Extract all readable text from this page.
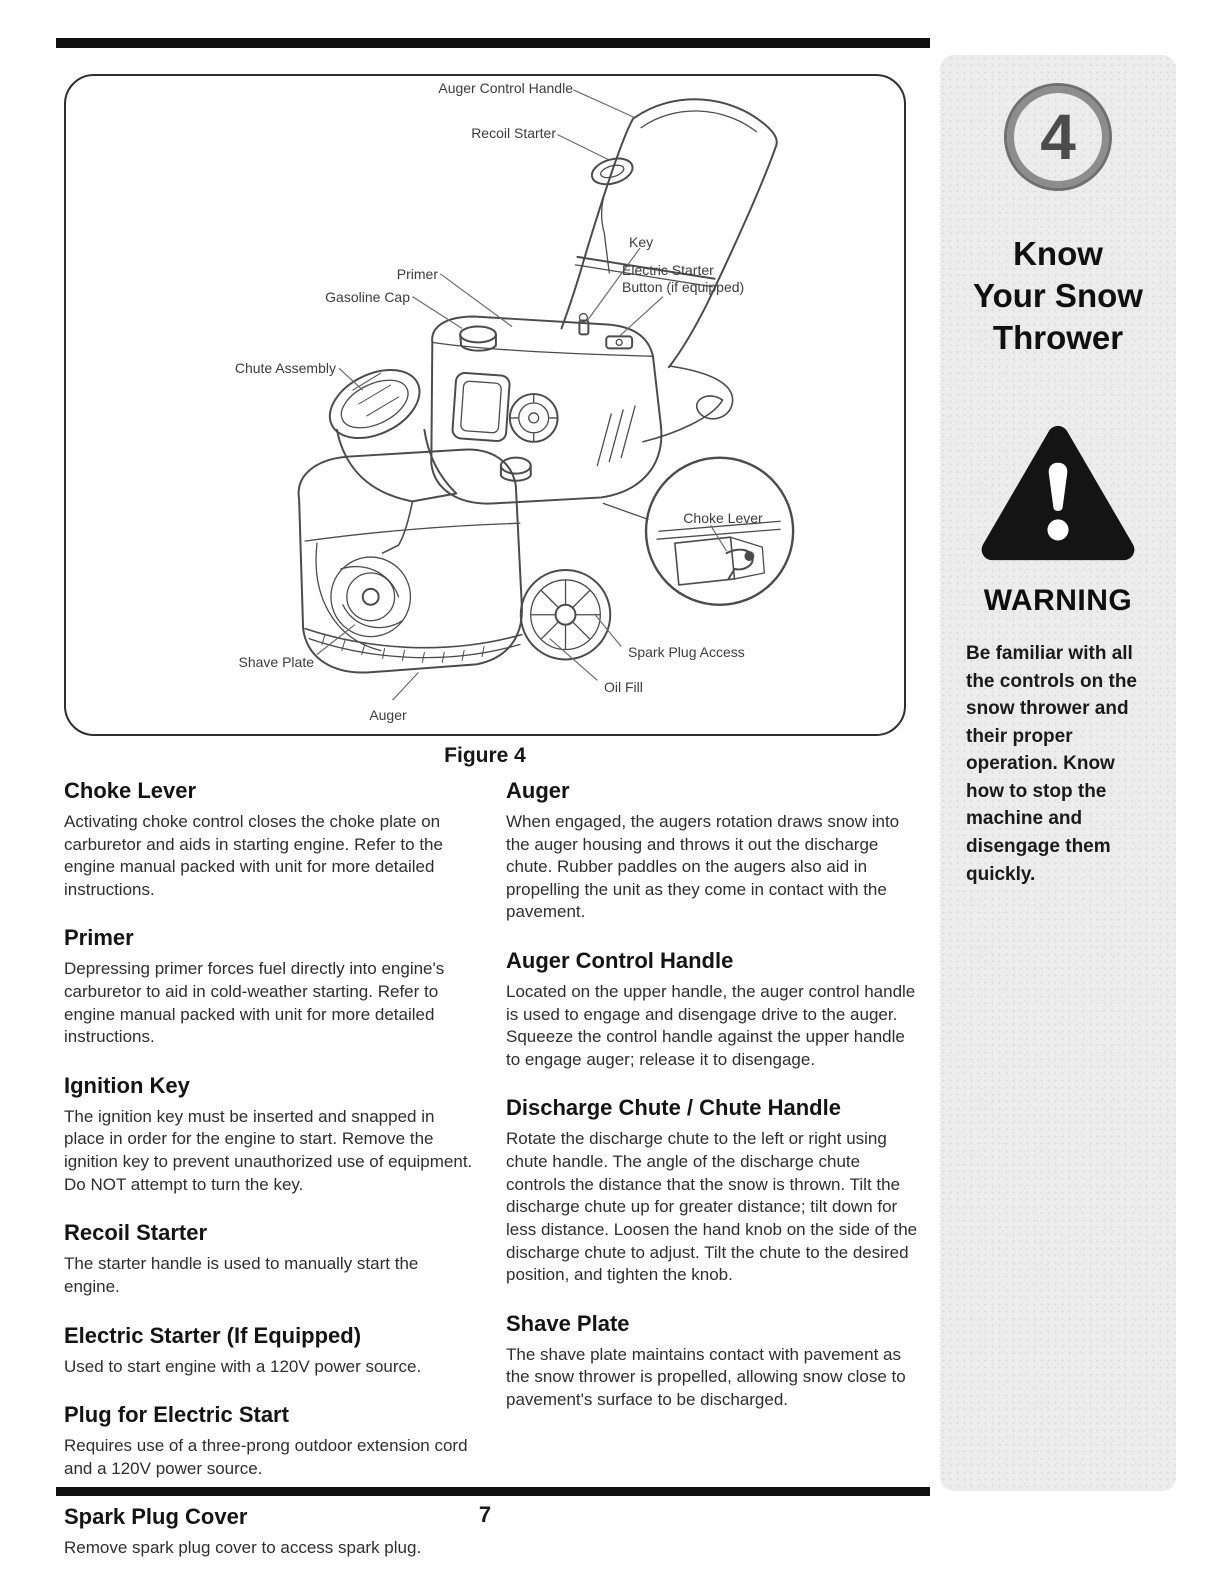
Auger Control Handle
Recoil Starter
Key
Primer
Gasoline Cap
Electric Starter Button (if equipped)
Chute Assembly
Choke Lever
Shave Plate
Spark Plug Access
Oil Fill
Auger
Figure 4
Choke Lever

Activating choke control closes the choke plate on carburetor and aids in starting engine. Refer to the engine manual packed with unit for more detailed instructions.

Primer

Depressing primer forces fuel directly into engine's carburetor to aid in cold-weather starting. Refer to engine manual packed with unit for more detailed instructions.

Ignition Key

The ignition key must be inserted and snapped in place in order for the engine to start. Remove the ignition key to prevent unauthorized use of equipment. Do NOT attempt to turn the key.

Recoil Starter

The starter handle is used to manually start the engine.

Electric Starter (If Equipped)

Used to start engine with a 120V power source.

Plug for Electric Start

Requires use of a three-prong outdoor extension cord and a 120V power source.

Spark Plug Cover

Remove spark plug cover to access spark plug.

Auger

When engaged, the augers rotation draws snow into the auger housing and throws it out the discharge chute. Rubber paddles on the augers also aid in propelling the unit as they come in contact with the pavement.

Auger Control Handle

Located on the upper handle, the auger control handle is used to engage and disengage drive to the auger. Squeeze the control handle against the upper handle to engage auger; release it to disengage.

Discharge Chute / Chute Handle

Rotate the discharge chute to the left or right using chute handle. The angle of the discharge chute controls the distance that the snow is thrown. Tilt the discharge chute up for greater distance; tilt down for less distance. Loosen the hand knob on the side of the discharge chute to adjust. Tilt the chute to the desired position, and tighten the knob.

Shave Plate

The shave plate maintains contact with pavement as the snow thrower is propelled, allowing snow close to pavement's surface to be discharged.

4
Know
Your Snow
Thrower
WARNING

Be familiar with all the controls on the snow thrower and their proper operation. Know how to stop the machine and disengage them quickly.

7
